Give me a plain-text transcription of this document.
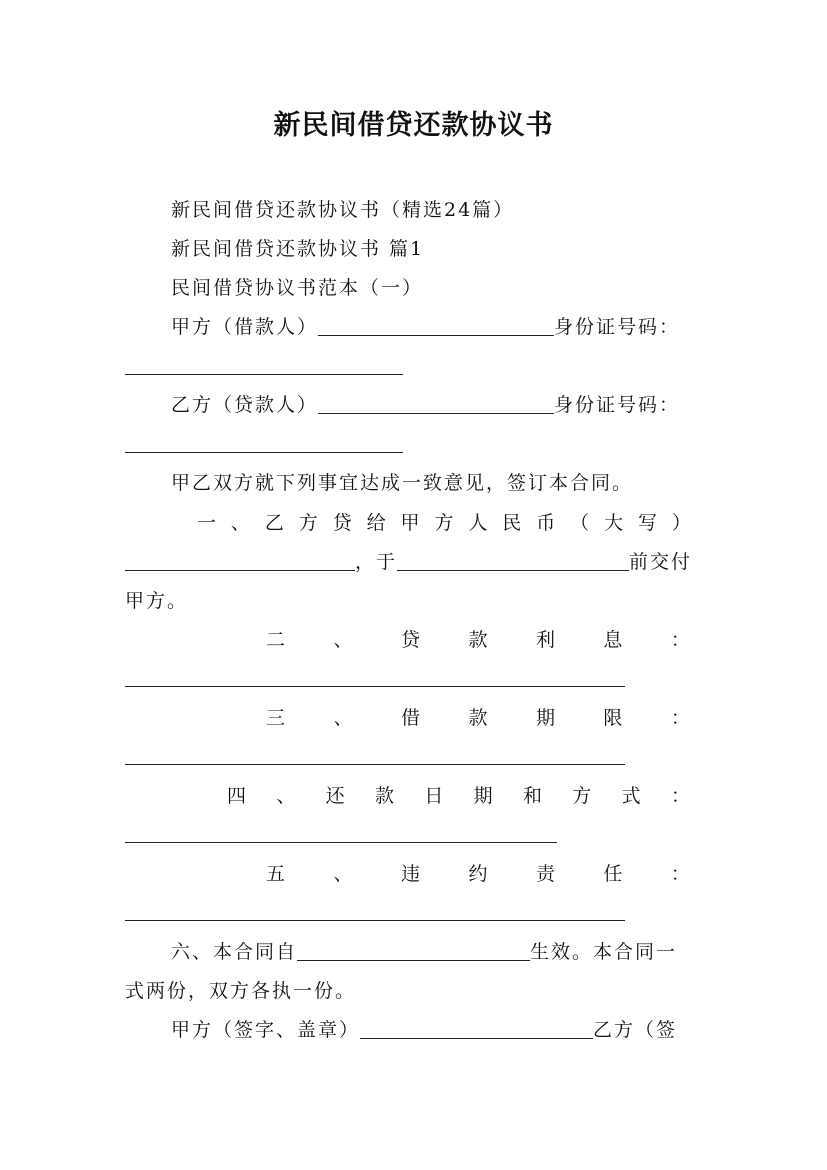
新民间借贷还款协议书
新民间借贷还款协议书（精选24篇）
新民间借贷还款协议书 篇1
民间借贷协议书范本（一）
甲方（借款人）	身份证号码：
乙方（贷款人）	身份证号码：
甲乙双方就下列事宜达成一致意见，签订本合同。
一 、 乙 方 贷 给 甲 方 人 民 币 （ 大 写 ）
，于	前交付
甲方。
二	、	贷	款	利	息	：
三	、	借	款	期	限	：
四 、 还 款 日 期 和 方 式 ：
五	、	违	约	责	任	：
六、本合同自	生效。本合同一
式两份，双方各执一份。
甲方（签字、盖章）	乙方（签
